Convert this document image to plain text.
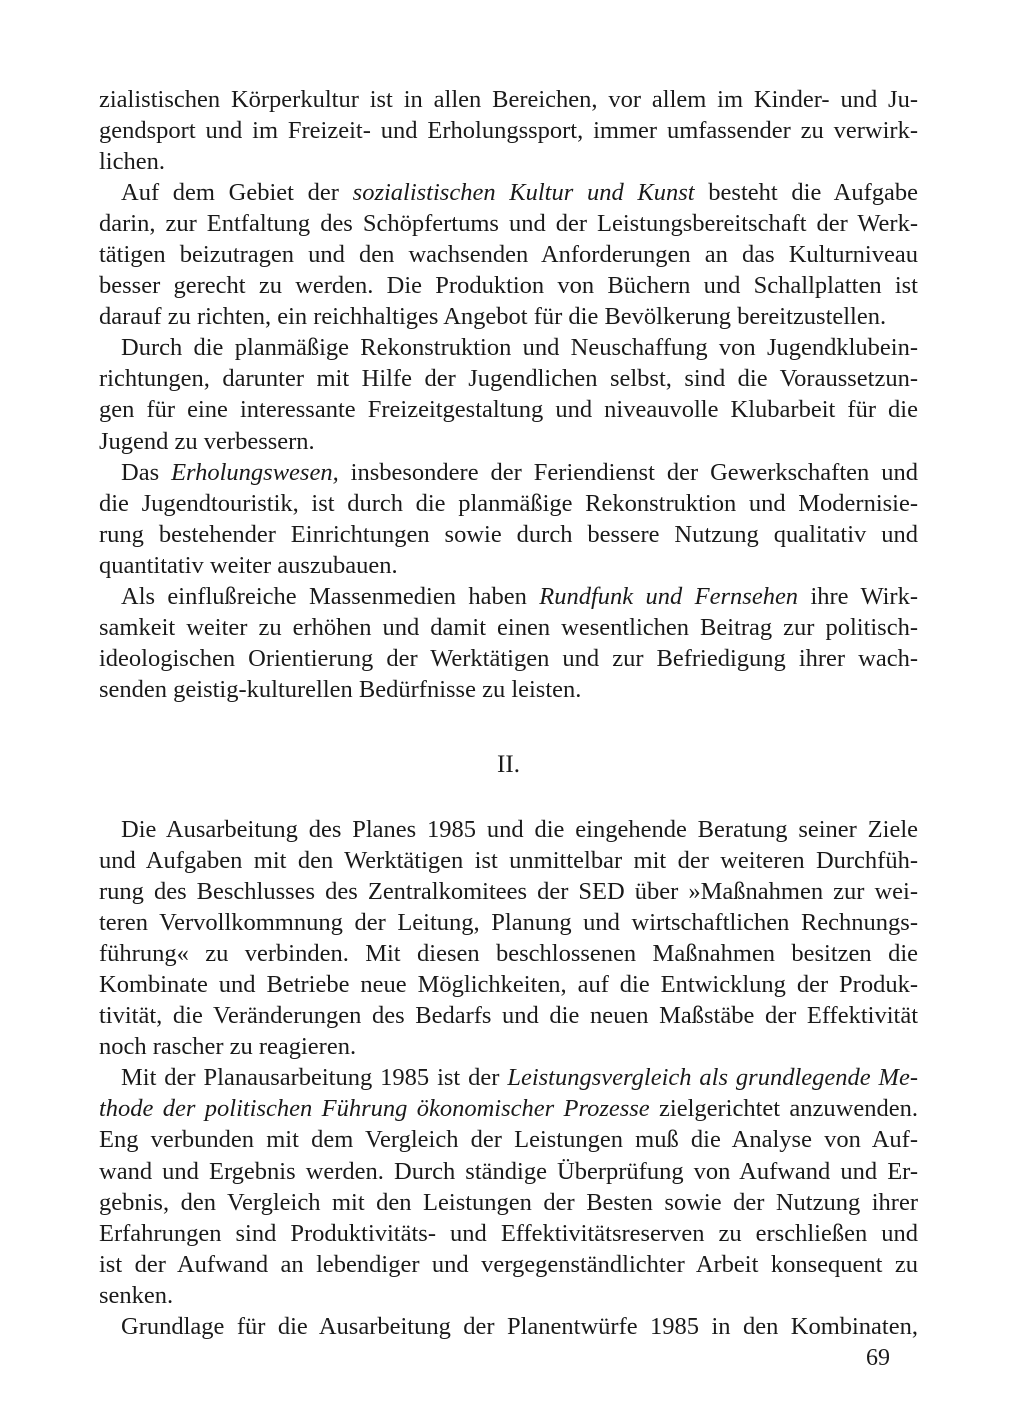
zialistischen Körperkultur ist in allen Bereichen, vor allem im Kinder- und Ju-
gendsport und im Freizeit- und Erholungssport, immer umfassender zu verwirk-
lichen.
Auf dem Gebiet der sozialistischen Kultur und Kunst besteht die Aufgabe
darin, zur Entfaltung des Schöpfertums und der Leistungsbereitschaft der Werk-
tätigen beizutragen und den wachsenden Anforderungen an das Kulturniveau
besser gerecht zu werden. Die Produktion von Büchern und Schallplatten ist
darauf zu richten, ein reichhaltiges Angebot für die Bevölkerung bereitzustellen.
Durch die planmäßige Rekonstruktion und Neuschaffung von Jugendklubein-
richtungen, darunter mit Hilfe der Jugendlichen selbst, sind die Voraussetzun-
gen für eine interessante Freizeitgestaltung und niveauvolle Klubarbeit für die
Jugend zu verbessern.
Das Erholungswesen, insbesondere der Feriendienst der Gewerkschaften und
die Jugendtouristik, ist durch die planmäßige Rekonstruktion und Modernisie-
rung bestehender Einrichtungen sowie durch bessere Nutzung qualitativ und
quantitativ weiter auszubauen.
Als einflußreiche Massenmedien haben Rundfunk und Fernsehen ihre Wirk-
samkeit weiter zu erhöhen und damit einen wesentlichen Beitrag zur politisch-
ideologischen Orientierung der Werktätigen und zur Befriedigung ihrer wach-
senden geistig-kulturellen Bedürfnisse zu leisten.
II.
Die Ausarbeitung des Planes 1985 und die eingehende Beratung seiner Ziele
und Aufgaben mit den Werktätigen ist unmittelbar mit der weiteren Durchfüh-
rung des Beschlusses des Zentralkomitees der SED über »Maßnahmen zur wei-
teren Vervollkommnung der Leitung, Planung und wirtschaftlichen Rechnungs-
führung« zu verbinden. Mit diesen beschlossenen Maßnahmen besitzen die
Kombinate und Betriebe neue Möglichkeiten, auf die Entwicklung der Produk-
tivität, die Veränderungen des Bedarfs und die neuen Maßstäbe der Effektivität
noch rascher zu reagieren.
Mit der Planausarbeitung 1985 ist der Leistungsvergleich als grundlegende Me-
thode der politischen Führung ökonomischer Prozesse zielgerichtet anzuwenden.
Eng verbunden mit dem Vergleich der Leistungen muß die Analyse von Auf-
wand und Ergebnis werden. Durch ständige Überprüfung von Aufwand und Er-
gebnis, den Vergleich mit den Leistungen der Besten sowie der Nutzung ihrer
Erfahrungen sind Produktivitäts- und Effektivitätsreserven zu erschließen und
ist der Aufwand an lebendiger und vergegenständlichter Arbeit konsequent zu
senken.
Grundlage für die Ausarbeitung der Planentwürfe 1985 in den Kombinaten,
69
